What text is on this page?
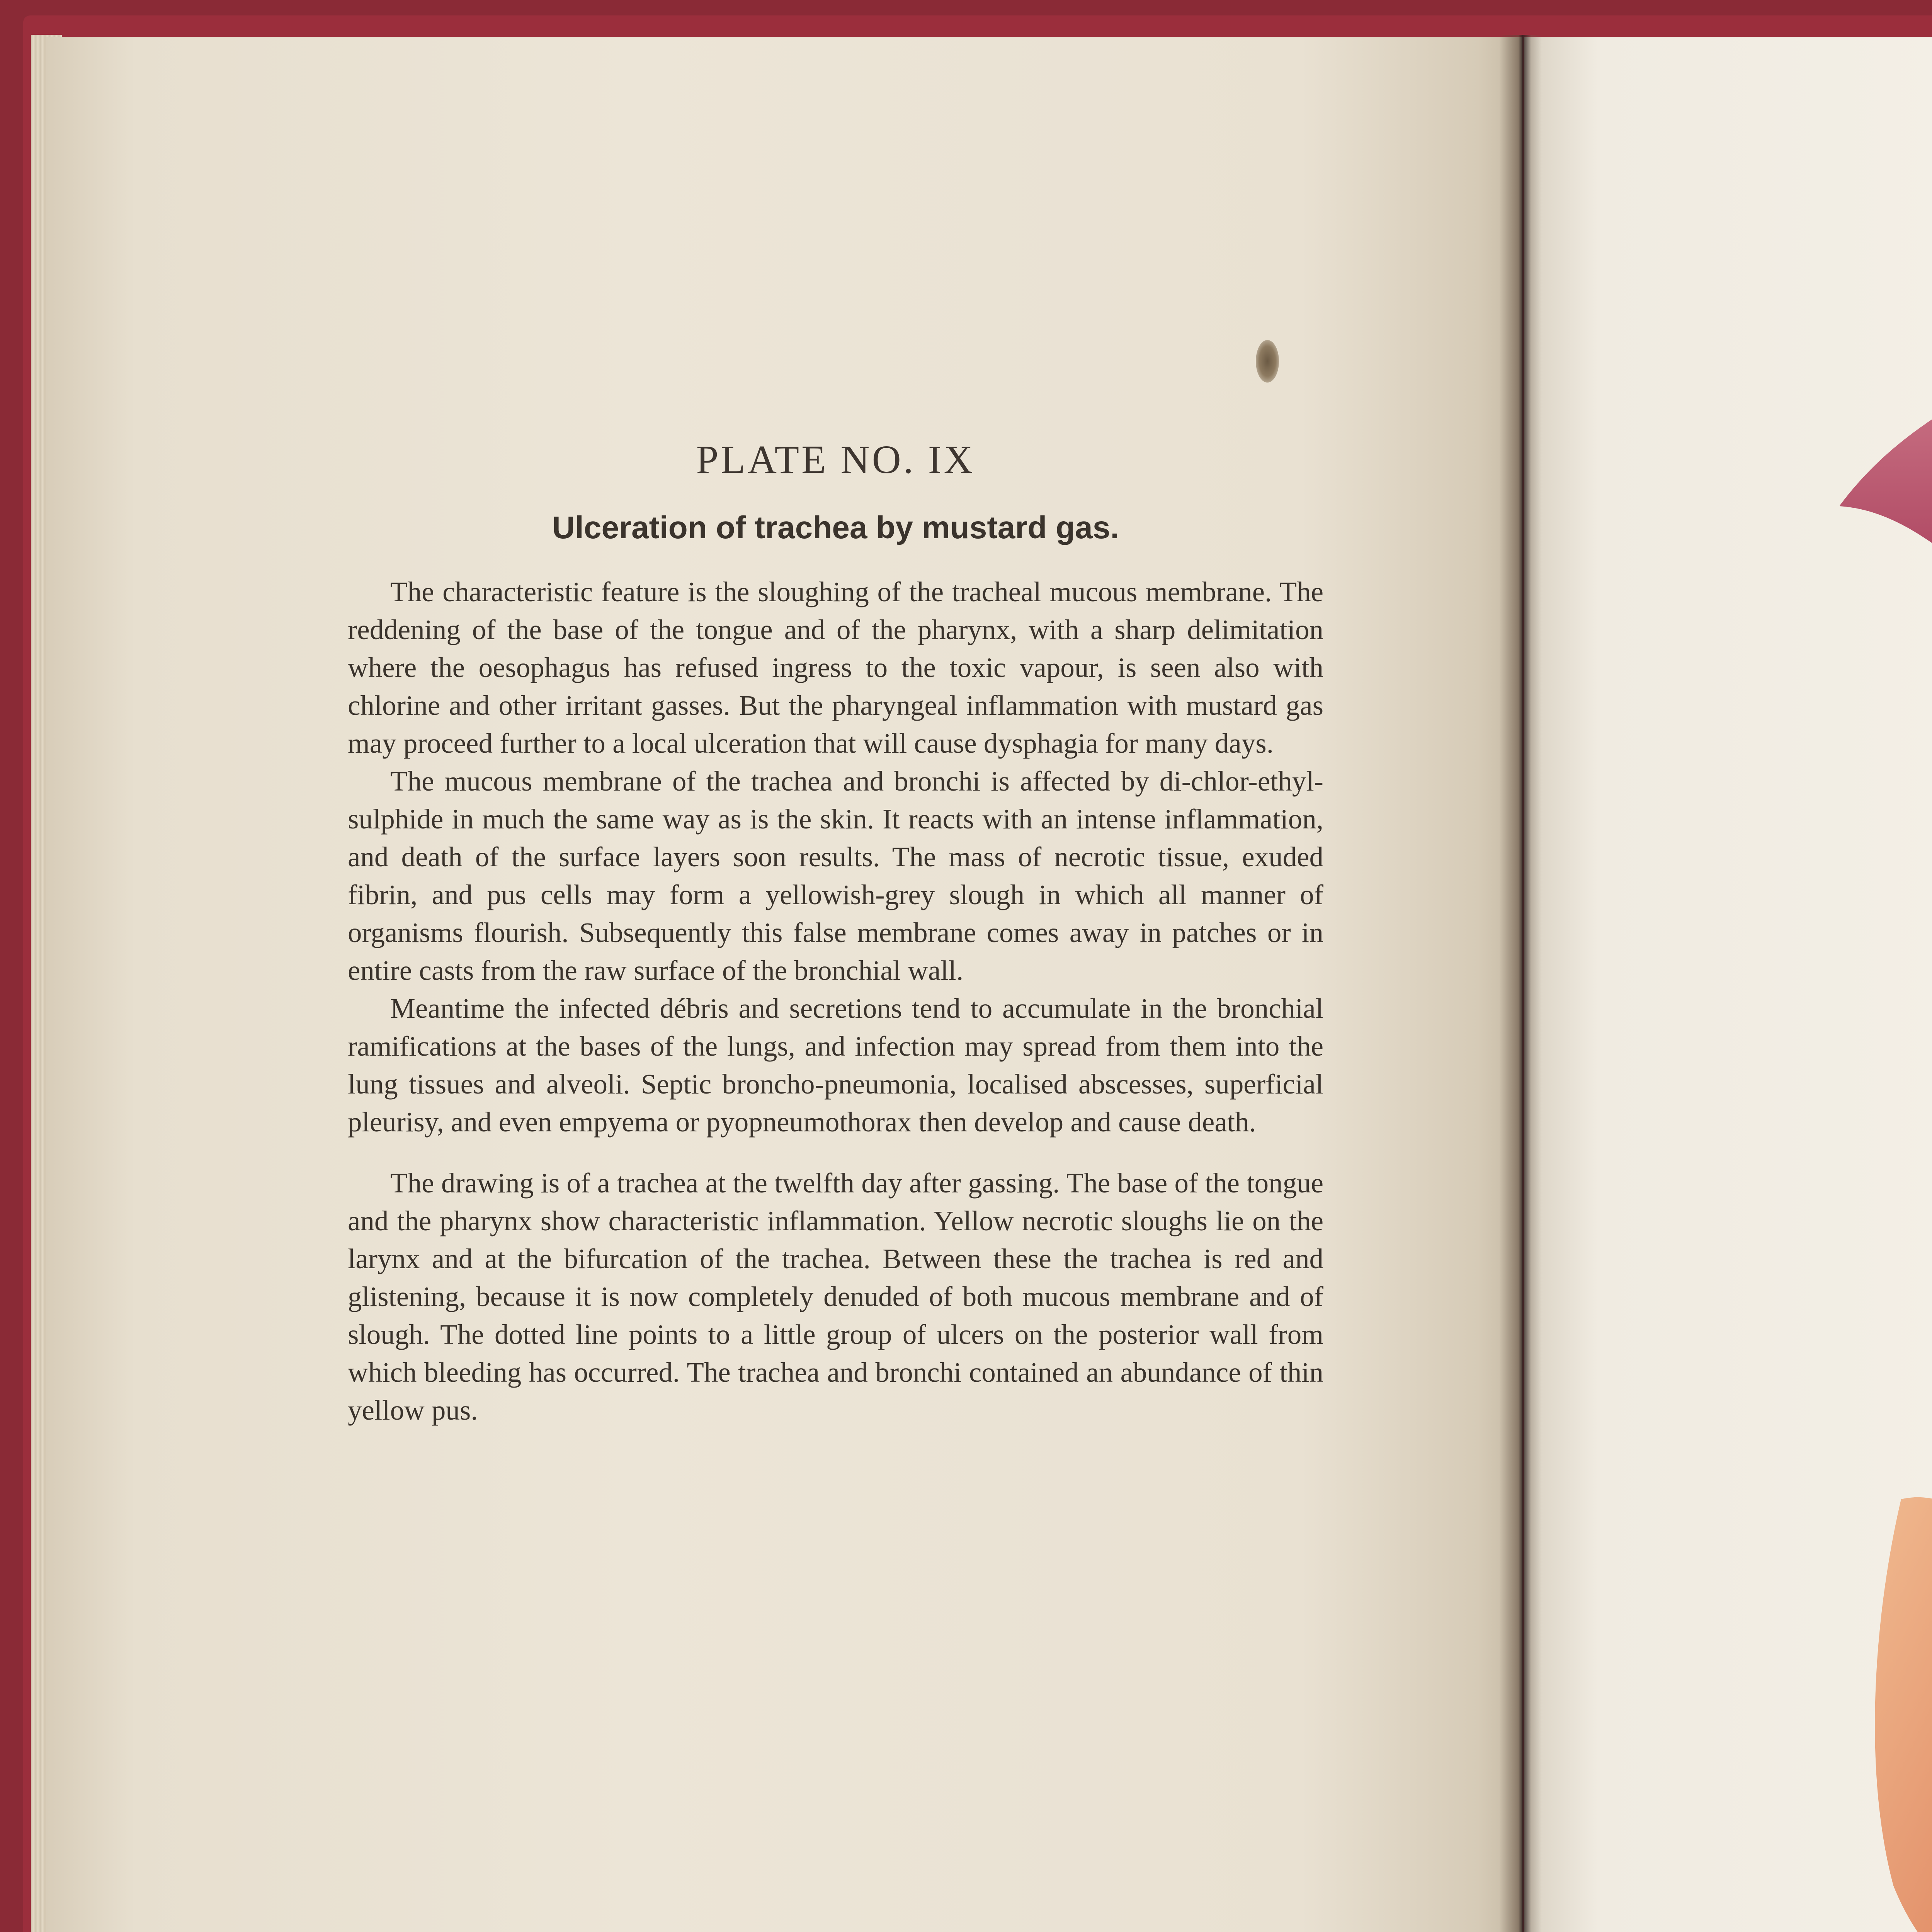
PLATE NO. IX
Ulceration of trachea by mustard gas.

The characteristic feature is the sloughing of the tracheal mucous membrane. The reddening of the base of the tongue and of the pharynx, with a sharp delimitation where the oesophagus has refused ingress to the toxic vapour, is seen also with chlorine and other irritant gasses. But the pharyngeal inflammation with mustard gas may proceed further to a local ulceration that will cause dysphagia for many days.

The mucous membrane of the trachea and bronchi is affected by di-chlor-ethyl-sulphide in much the same way as is the skin. It reacts with an intense inflammation, and death of the surface layers soon results. The mass of necrotic tissue, exuded fibrin, and pus cells may form a yellowish-grey slough in which all manner of organisms flourish. Subsequently this false membrane comes away in patches or in entire casts from the raw surface of the bronchial wall.

Meantime the infected débris and secretions tend to accumulate in the bronchial ramifications at the bases of the lungs, and infection may spread from them into the lung tissues and alveoli. Septic broncho-pneumonia, localised abscesses, superficial pleurisy, and even empyema or pyopneumothorax then develop and cause death.

The drawing is of a trachea at the twelfth day after gassing. The base of the tongue and the pharynx show characteristic inflammation. Yellow necrotic sloughs lie on the larynx and at the bifurcation of the trachea. Between these the trachea is red and glistening, because it is now completely denuded of both mucous membrane and of slough. The dotted line points to a little group of ulcers on the posterior wall from which bleeding has occurred. The trachea and bronchi contained an abundance of thin yellow pus.
